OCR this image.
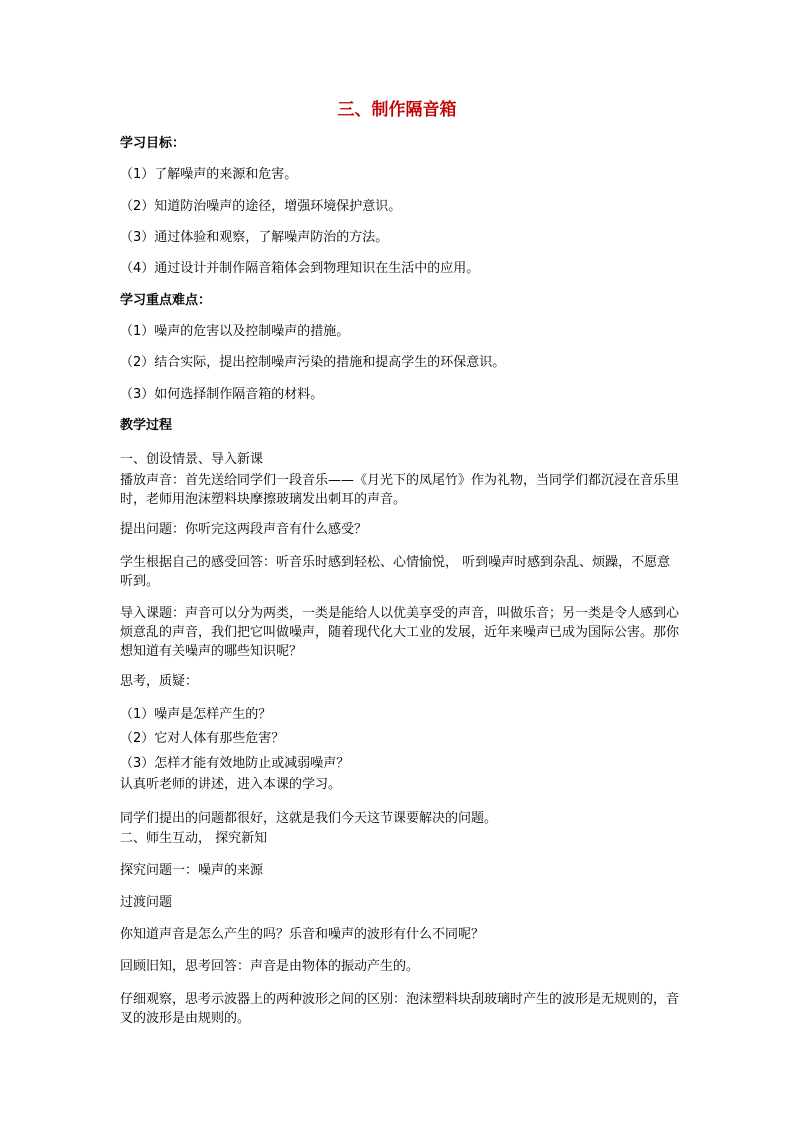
三、制作隔音箱
学习目标：
（1）了解噪声的来源和危害。
（2）知道防治噪声的途径，增强环境保护意识。
（3）通过体验和观察，了解噪声防治的方法。
（4）通过设计并制作隔音箱体会到物理知识在生活中的应用。
学习重点难点：
（1）噪声的危害以及控制噪声的措施。
（2）结合实际，提出控制噪声污染的措施和提高学生的环保意识。
（3）如何选择制作隔音箱的材料。
教学过程
一、创设情景、导入新课
播放声音：首先送给同学们一段音乐——《月光下的凤尾竹》作为礼物，当同学们都沉浸在音乐里时，老师用泡沫塑料块摩擦玻璃发出刺耳的声音。
提出问题：你听完这两段声音有什么感受？
学生根据自己的感受回答：听音乐时感到轻松、心情愉悦， 听到噪声时感到杂乱、烦躁，不愿意听到。
导入课题：声音可以分为两类，一类是能给人以优美享受的声音，叫做乐音；另一类是令人感到心烦意乱的声音，我们把它叫做噪声，随着现代化大工业的发展，近年来噪声已成为国际公害。那你想知道有关噪声的哪些知识呢？
思考，质疑：
（1）噪声是怎样产生的？
（2）它对人体有那些危害？
（3）怎样才能有效地防止或减弱噪声？
认真听老师的讲述，进入本课的学习。
同学们提出的问题都很好，这就是我们今天这节课要解决的问题。
二、师生互动， 探究新知
探究问题一：噪声的来源
过渡问题
你知道声音是怎么产生的吗？乐音和噪声的波形有什么不同呢？
回顾旧知，思考回答：声音是由物体的振动产生的。
仔细观察，思考示波器上的两种波形之间的区别：泡沫塑料块刮玻璃时产生的波形是无规则的，音叉的波形是由规则的。
